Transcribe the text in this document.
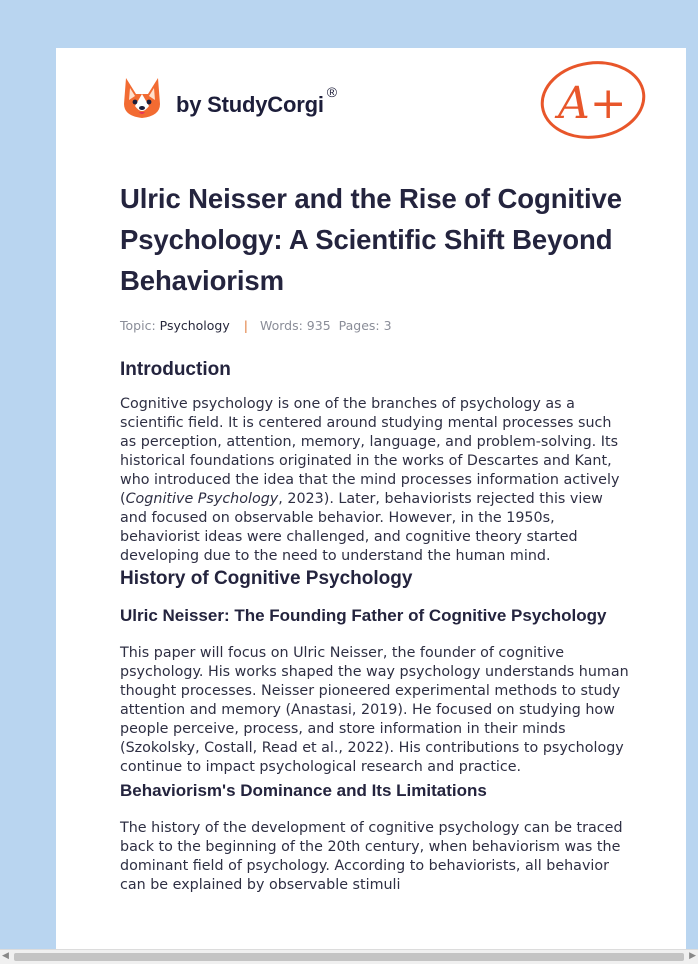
by StudyCorgi ®	A+
Ulric Neisser and the Rise of Cognitive Psychology: A Scientific Shift Beyond Behaviorism
Topic: Psychology | Words: 935 Pages: 3
Introduction

Cognitive psychology is one of the branches of psychology as a scientific field. It is centered around studying mental processes such as perception, attention, memory, language, and problem-solving. Its historical foundations originated in the works of Descartes and Kant, who introduced the idea that the mind processes information actively (Cognitive Psychology, 2023). Later, behaviorists rejected this view and focused on observable behavior. However, in the 1950s, behaviorist ideas were challenged, and cognitive theory started developing due to the need to understand the human mind.

History of Cognitive Psychology
Ulric Neisser: The Founding Father of Cognitive Psychology

This paper will focus on Ulric Neisser, the founder of cognitive psychology. His works shaped the way psychology understands human thought processes. Neisser pioneered experimental methods to study attention and memory (Anastasi, 2019). He focused on studying how people perceive, process, and store information in their minds (Szokolsky, Costall, Read et al., 2022). His contributions to psychology continue to impact psychological research and practice.

Behaviorism's Dominance and Its Limitations

The history of the development of cognitive psychology can be traced back to the beginning of the 20th century, when behaviorism was the dominant field of psychology. According to behaviorists, all behavior can be explained by observable stimuli

◀	▶
